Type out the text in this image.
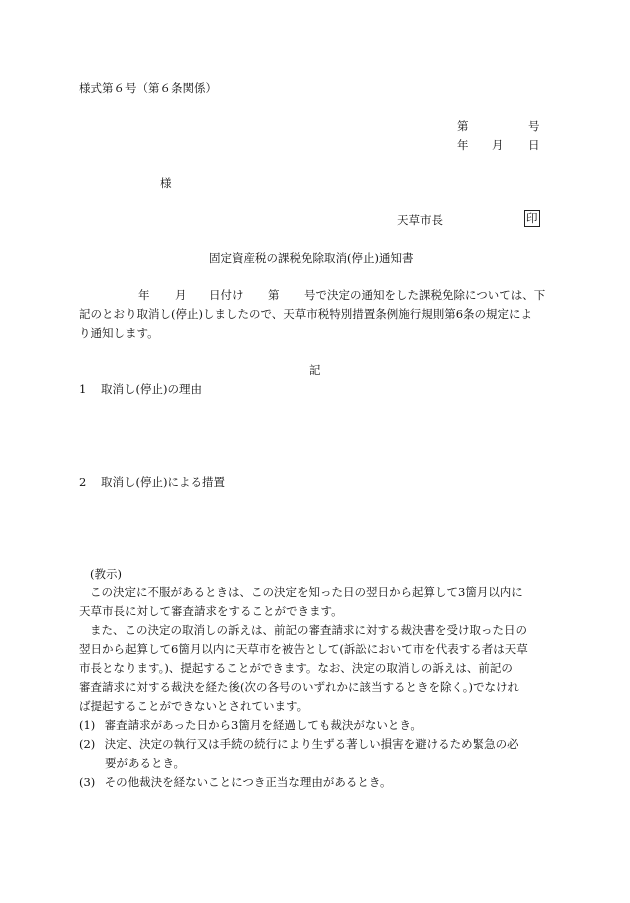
様式第６号（第６条関係）
第	号
年 月 日
様
天草市長	印
固定資産税の課税免除取消(停止)通知書
年 月 日付け 第 号で決定の通知をした課税免除については、下
記のとおり取消し(停止)しましたので、天草市税特別措置条例施行規則第6条の規定によ
り通知します。
記
1 取消し(停止)の理由
2 取消し(停止)による措置
(教示)
この決定に不服があるときは、この決定を知った日の翌日から起算して3箇月以内に
天草市長に対して審査請求をすることができます。
また、この決定の取消しの訴えは、前記の審査請求に対する裁決書を受け取った日の
翌日から起算して6箇月以内に天草市を被告として(訴訟において市を代表する者は天草
市長となります。)、提起することができます。なお、決定の取消しの訴えは、前記の
審査請求に対する裁決を経た後(次の各号のいずれかに該当するときを除く。)でなけれ
ば提起することができないとされています。
(1) 審査請求があった日から3箇月を経過しても裁決がないとき。
(2) 決定、決定の執行又は手続の続行により生ずる著しい損害を避けるため緊急の必
要があるとき。
(3) その他裁決を経ないことにつき正当な理由があるとき。
